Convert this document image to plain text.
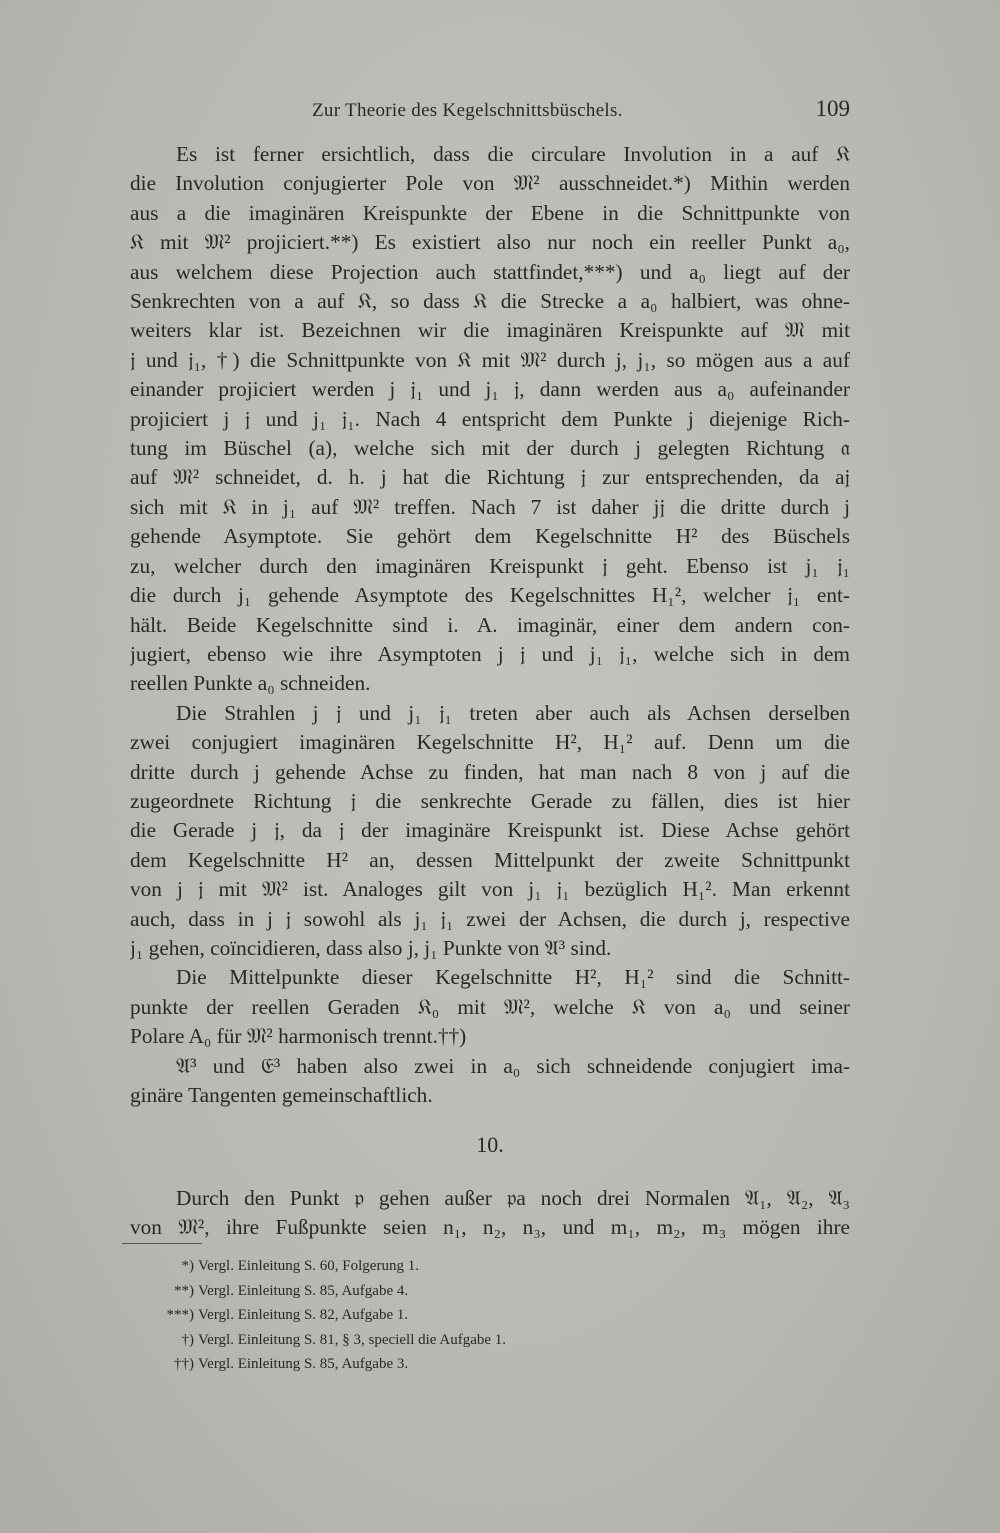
Zur Theorie des Kegelschnittsbüschels.	109
Es ist ferner ersichtlich, dass die circulare Involution in a auf 𝔎
die Involution conjugierter Pole von 𝔐² ausschneidet.*) Mithin werden
aus a die imaginären Kreispunkte der Ebene in die Schnittpunkte von
𝔎 mit 𝔐² projiciert.**) Es existiert also nur noch ein reeller Punkt a₀,
aus welchem diese Projection auch stattfindet,***) und a₀ liegt auf der
Senkrechten von a auf 𝔎, so dass 𝔎 die Strecke a a₀ halbiert, was ohne-
weiters klar ist. Bezeichnen wir die imaginären Kreispunkte auf 𝔐 mit
𝔧 und 𝔧₁, †) die Schnittpunkte von 𝔎 mit 𝔐² durch j, j₁, so mögen aus a auf
einander projiciert werden j 𝔧₁ und j₁ 𝔧, dann werden aus a₀ aufeinander
projiciert j 𝔧 und j₁ 𝔧₁. Nach 4 entspricht dem Punkte j diejenige Rich-
tung im Büschel (a), welche sich mit der durch j gelegten Richtung 𝔞
auf 𝔐² schneidet, d. h. j hat die Richtung 𝔧 zur entsprechenden, da a𝔧
sich mit 𝔎 in j₁ auf 𝔐² treffen. Nach 7 ist daher j𝔧 die dritte durch j
gehende Asymptote. Sie gehört dem Kegelschnitte H² des Büschels
zu, welcher durch den imaginären Kreispunkt 𝔧 geht. Ebenso ist j₁ 𝔧₁
die durch j₁ gehende Asymptote des Kegelschnittes H₁², welcher 𝔧₁ ent-
hält. Beide Kegelschnitte sind i. A. imaginär, einer dem andern con-
jugiert, ebenso wie ihre Asymptoten j 𝔧 und j₁ 𝔧₁, welche sich in dem
reellen Punkte a₀ schneiden.
Die Strahlen j 𝔧 und j₁ 𝔧₁ treten aber auch als Achsen derselben
zwei conjugiert imaginären Kegelschnitte H², H₁² auf. Denn um die
dritte durch j gehende Achse zu finden, hat man nach 8 von j auf die
zugeordnete Richtung 𝔧 die senkrechte Gerade zu fällen, dies ist hier
die Gerade j 𝔧, da 𝔧 der imaginäre Kreispunkt ist. Diese Achse gehört
dem Kegelschnitte H² an, dessen Mittelpunkt der zweite Schnittpunkt
von j 𝔧 mit 𝔐² ist. Analoges gilt von j₁ 𝔧₁ bezüglich H₁². Man erkennt
auch, dass in j 𝔧 sowohl als j₁ 𝔧₁ zwei der Achsen, die durch j, respective
j₁ gehen, coïncidieren, dass also j, j₁ Punkte von 𝔄³ sind.
Die Mittelpunkte dieser Kegelschnitte H², H₁² sind die Schnitt-
punkte der reellen Geraden 𝔎₀ mit 𝔐², welche 𝔎 von a₀ und seiner
Polare A₀ für 𝔐² harmonisch trennt.††)
𝔄³ und 𝔈³ haben also zwei in a₀ sich schneidende conjugiert ima-
ginäre Tangenten gemeinschaftlich.
10.
Durch den Punkt 𝔭 gehen außer 𝔭a noch drei Normalen 𝔄₁, 𝔄₂, 𝔄₃
von 𝔐², ihre Fußpunkte seien n₁, n₂, n₃, und m₁, m₂, m₃ mögen ihre
*) Vergl. Einleitung S. 60, Folgerung 1.
**) Vergl. Einleitung S. 85, Aufgabe 4.
***) Vergl. Einleitung S. 82, Aufgabe 1.
†) Vergl. Einleitung S. 81, § 3, speciell die Aufgabe 1.
††) Vergl. Einleitung S. 85, Aufgabe 3.
